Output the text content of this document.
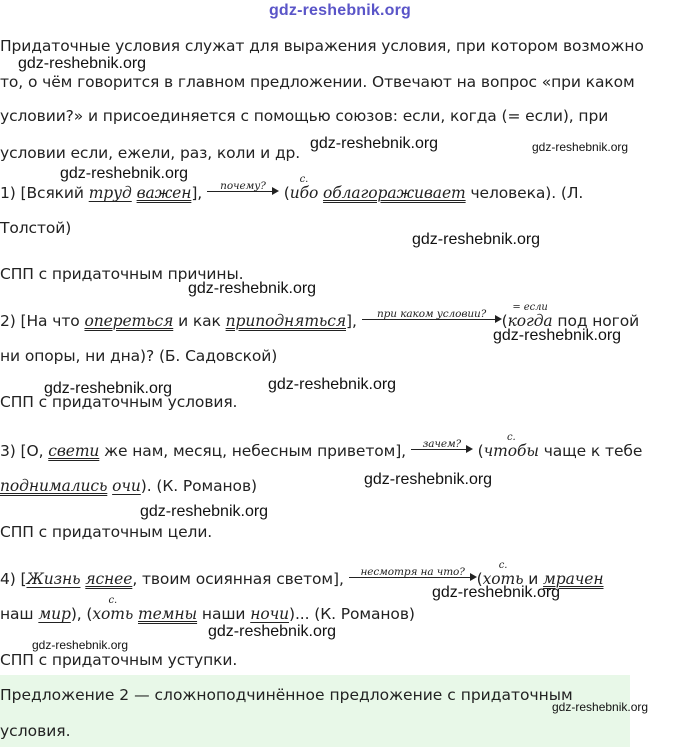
gdz-reshebnik.org
Придаточные условия служат для выражения условия, при котором возможно
то, о чём говорится в главном предложении. Отвечают на вопрос «при каком
условии?» и присоединяется с помощью союзов: если, когда (= если), при
условии если, ежели, раз, коли и др.
1) [Всякий труд важен],	почему?	(
с.
ибо облагораживает человека). (Л.
Толстой)
СПП с придаточным причины.
2) [На что опереться и как приподняться],	при каком условии? (
= если
когда под ногой
ни опоры, ни дна)? (Б. Садовской)
СПП с придаточным условия.
3) [О, свети же нам, месяц, небесным приветом],	зачем?	(
с.
чтобы чаще к тебе
поднимались очи). (К. Романов)
СПП с придаточным цели.
4) [Жизнь яснее, твоим осиянная светом],	несмотря на что? (
с.
хоть и мрачен
наш мир), (
с.
хоть темны наши ночи)... (К. Романов)
СПП с придаточным уступки.
Предложение 2 — сложноподчинённое предложение с придаточным
условия.
gdz-reshebnik.org
gdz-reshebnik.org	gdz-reshebnik.org
gdz-reshebnik.org
gdz-reshebnik.org
gdz-reshebnik.org
gdz-reshebnik.org
gdz-reshebnik.org	gdz-reshebnik.org
gdz-reshebnik.org
gdz-reshebnik.org
gdz-reshebnik.org
gdz-reshebnik.org
gdz-reshebnik.org
gdz-reshebnik.org
